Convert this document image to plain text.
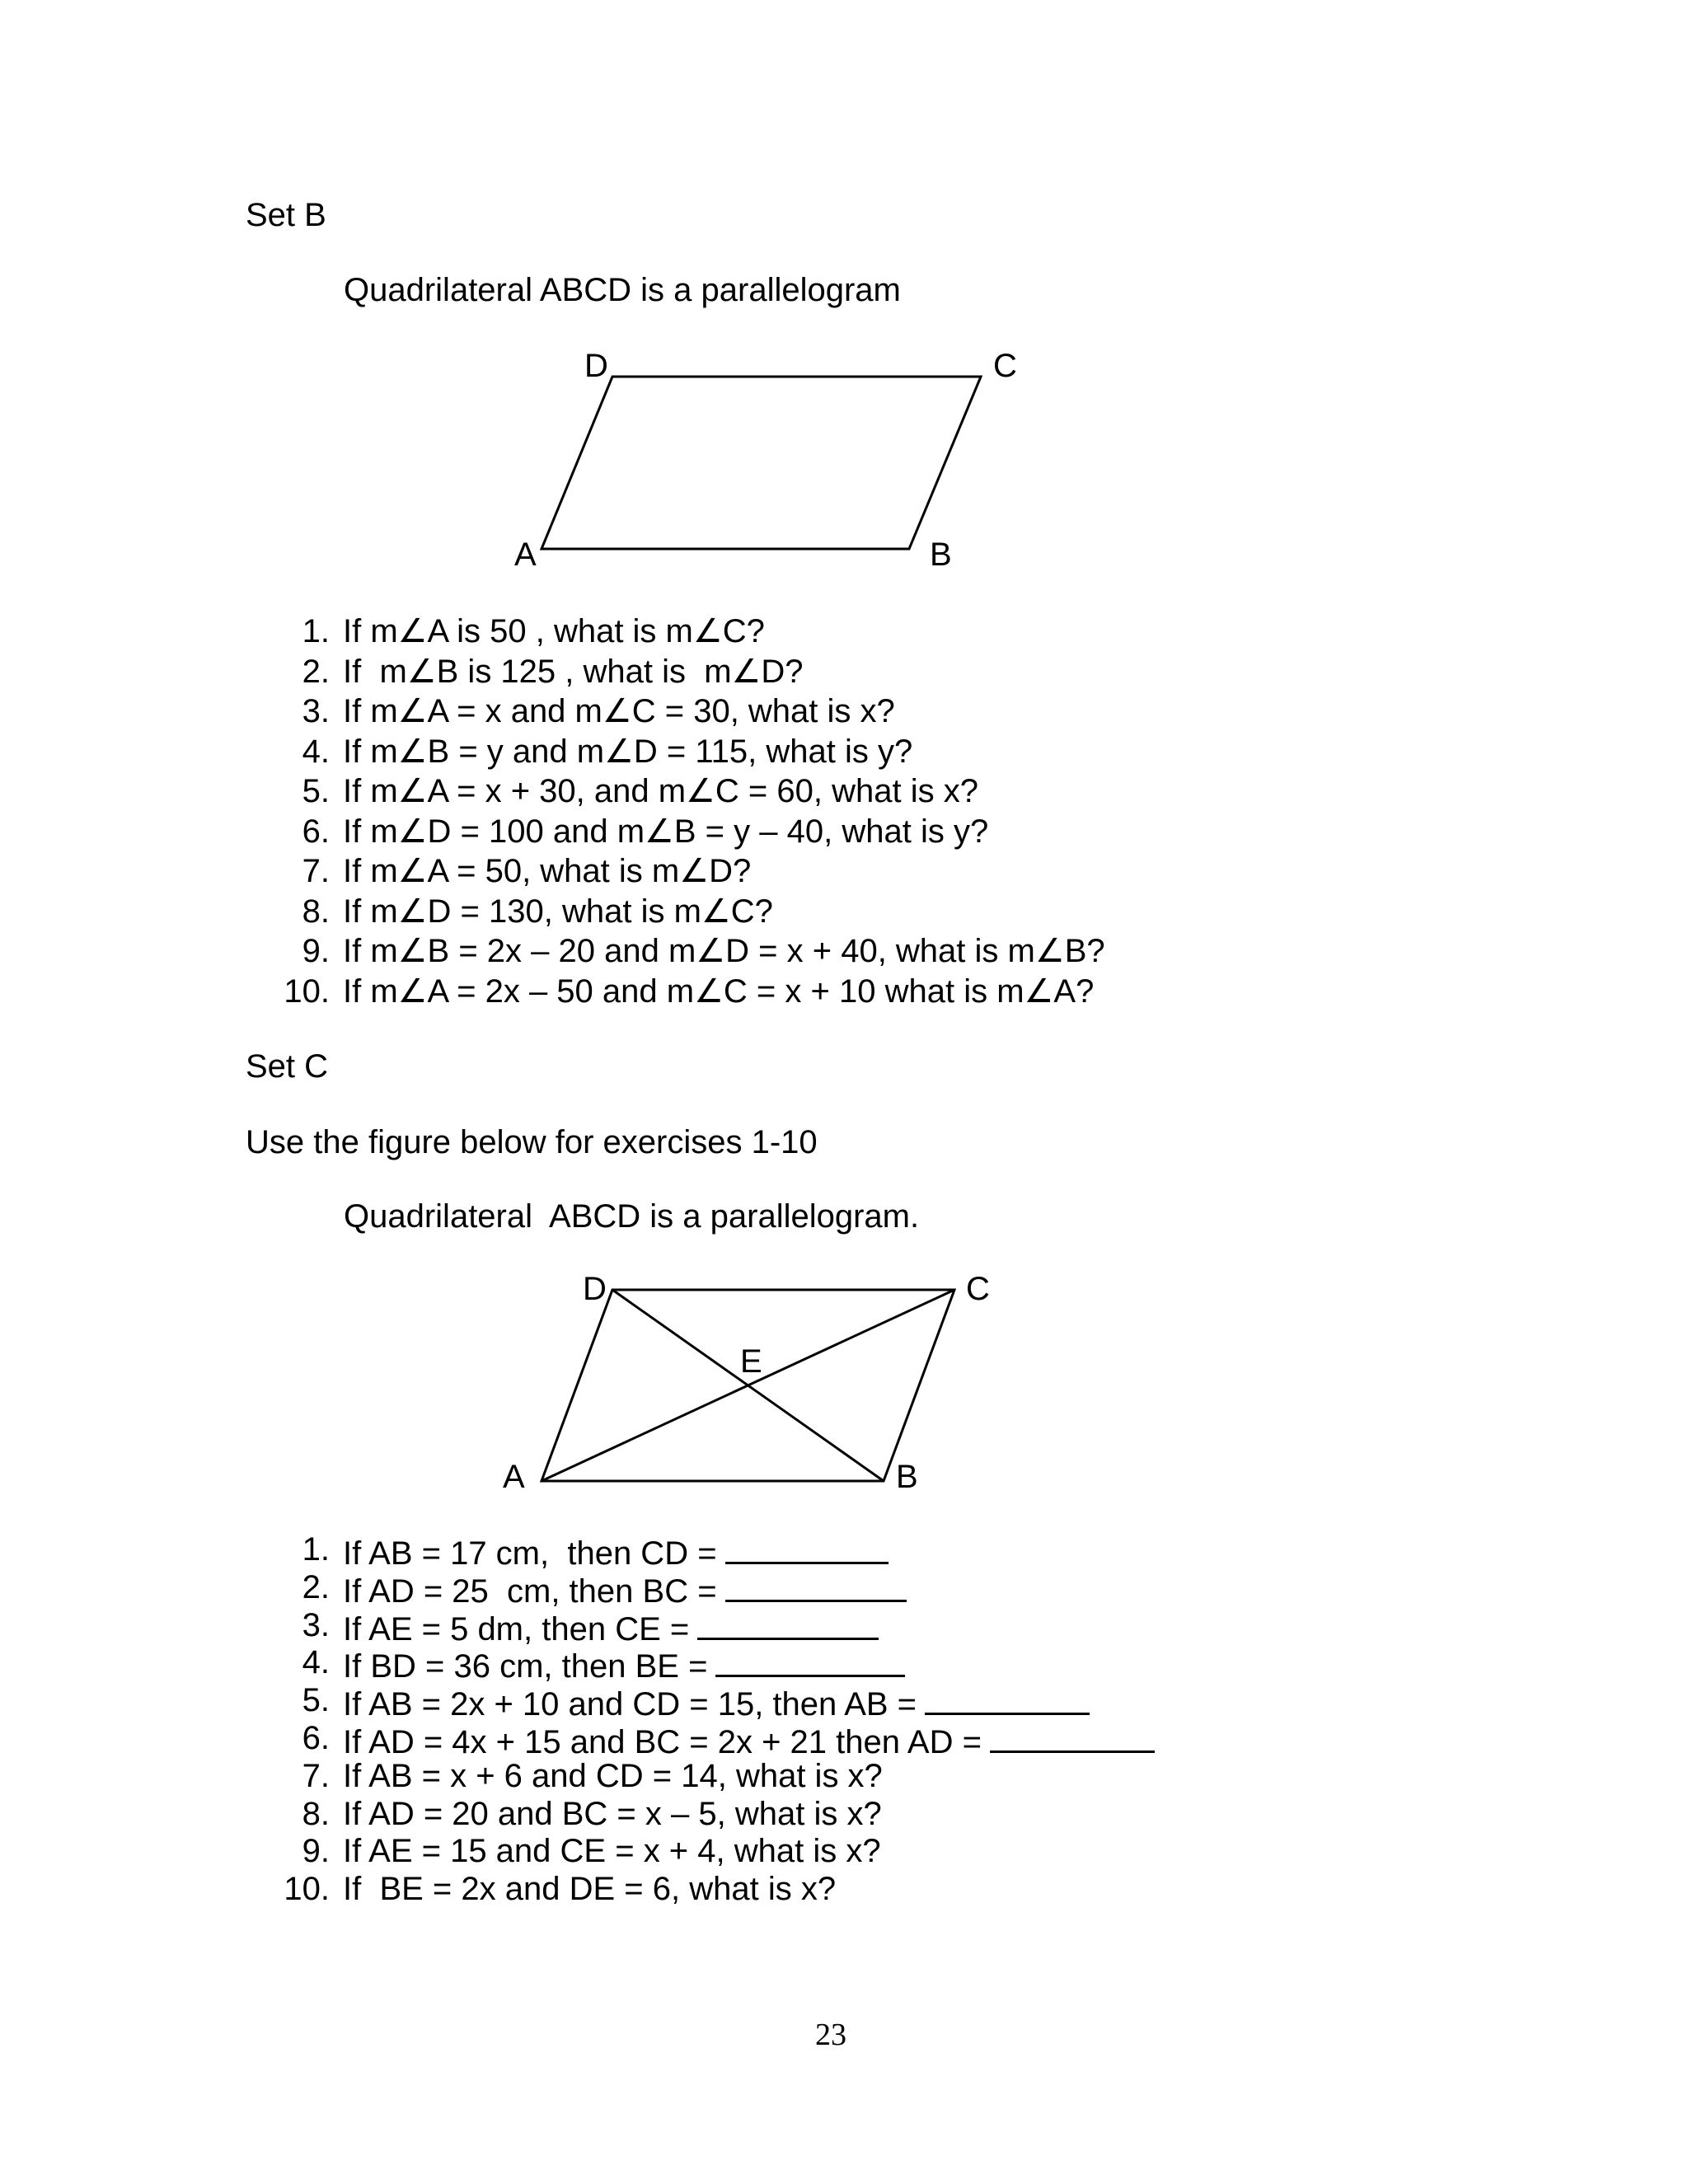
Set B
Quadrilateral ABCD is a parallelogram
A	B
C
D
1. If m∠A is 50 , what is m∠C?
2. If  m∠B is 125 , what is  m∠D?
3. If m∠A = x and m∠C = 30, what is x?
4. If m∠B = y and m∠D = 115, what is y?
5. If m∠A = x + 30, and m∠C = 60, what is x?
6. If m∠D = 100 and m∠B = y – 40, what is y?
7. If m∠A = 50, what is m∠D?
8. If m∠D = 130, what is m∠C?
9. If m∠B = 2x – 20 and m∠D = x + 40, what is m∠B?
10. If m∠A = 2x – 50 and m∠C = x + 10 what is m∠A?
Set C
Use the figure below for exercises 1-10
Quadrilateral  ABCD is a parallelogram.
A	B
C
D
E
1. If AB = 17 cm,  then CD =
2. If AD = 25  cm, then BC =
3. If AE = 5 dm, then CE =
4. If BD = 36 cm, then BE =
5. If AB = 2x + 10 and CD = 15, then AB =
6. If AD = 4x + 15 and BC = 2x + 21 then AD =
7. If AB = x + 6 and CD = 14, what is x?
8. If AD = 20 and BC = x – 5, what is x?
9. If AE = 15 and CE = x + 4, what is x?
10. If  BE = 2x and DE = 6, what is x?
23
